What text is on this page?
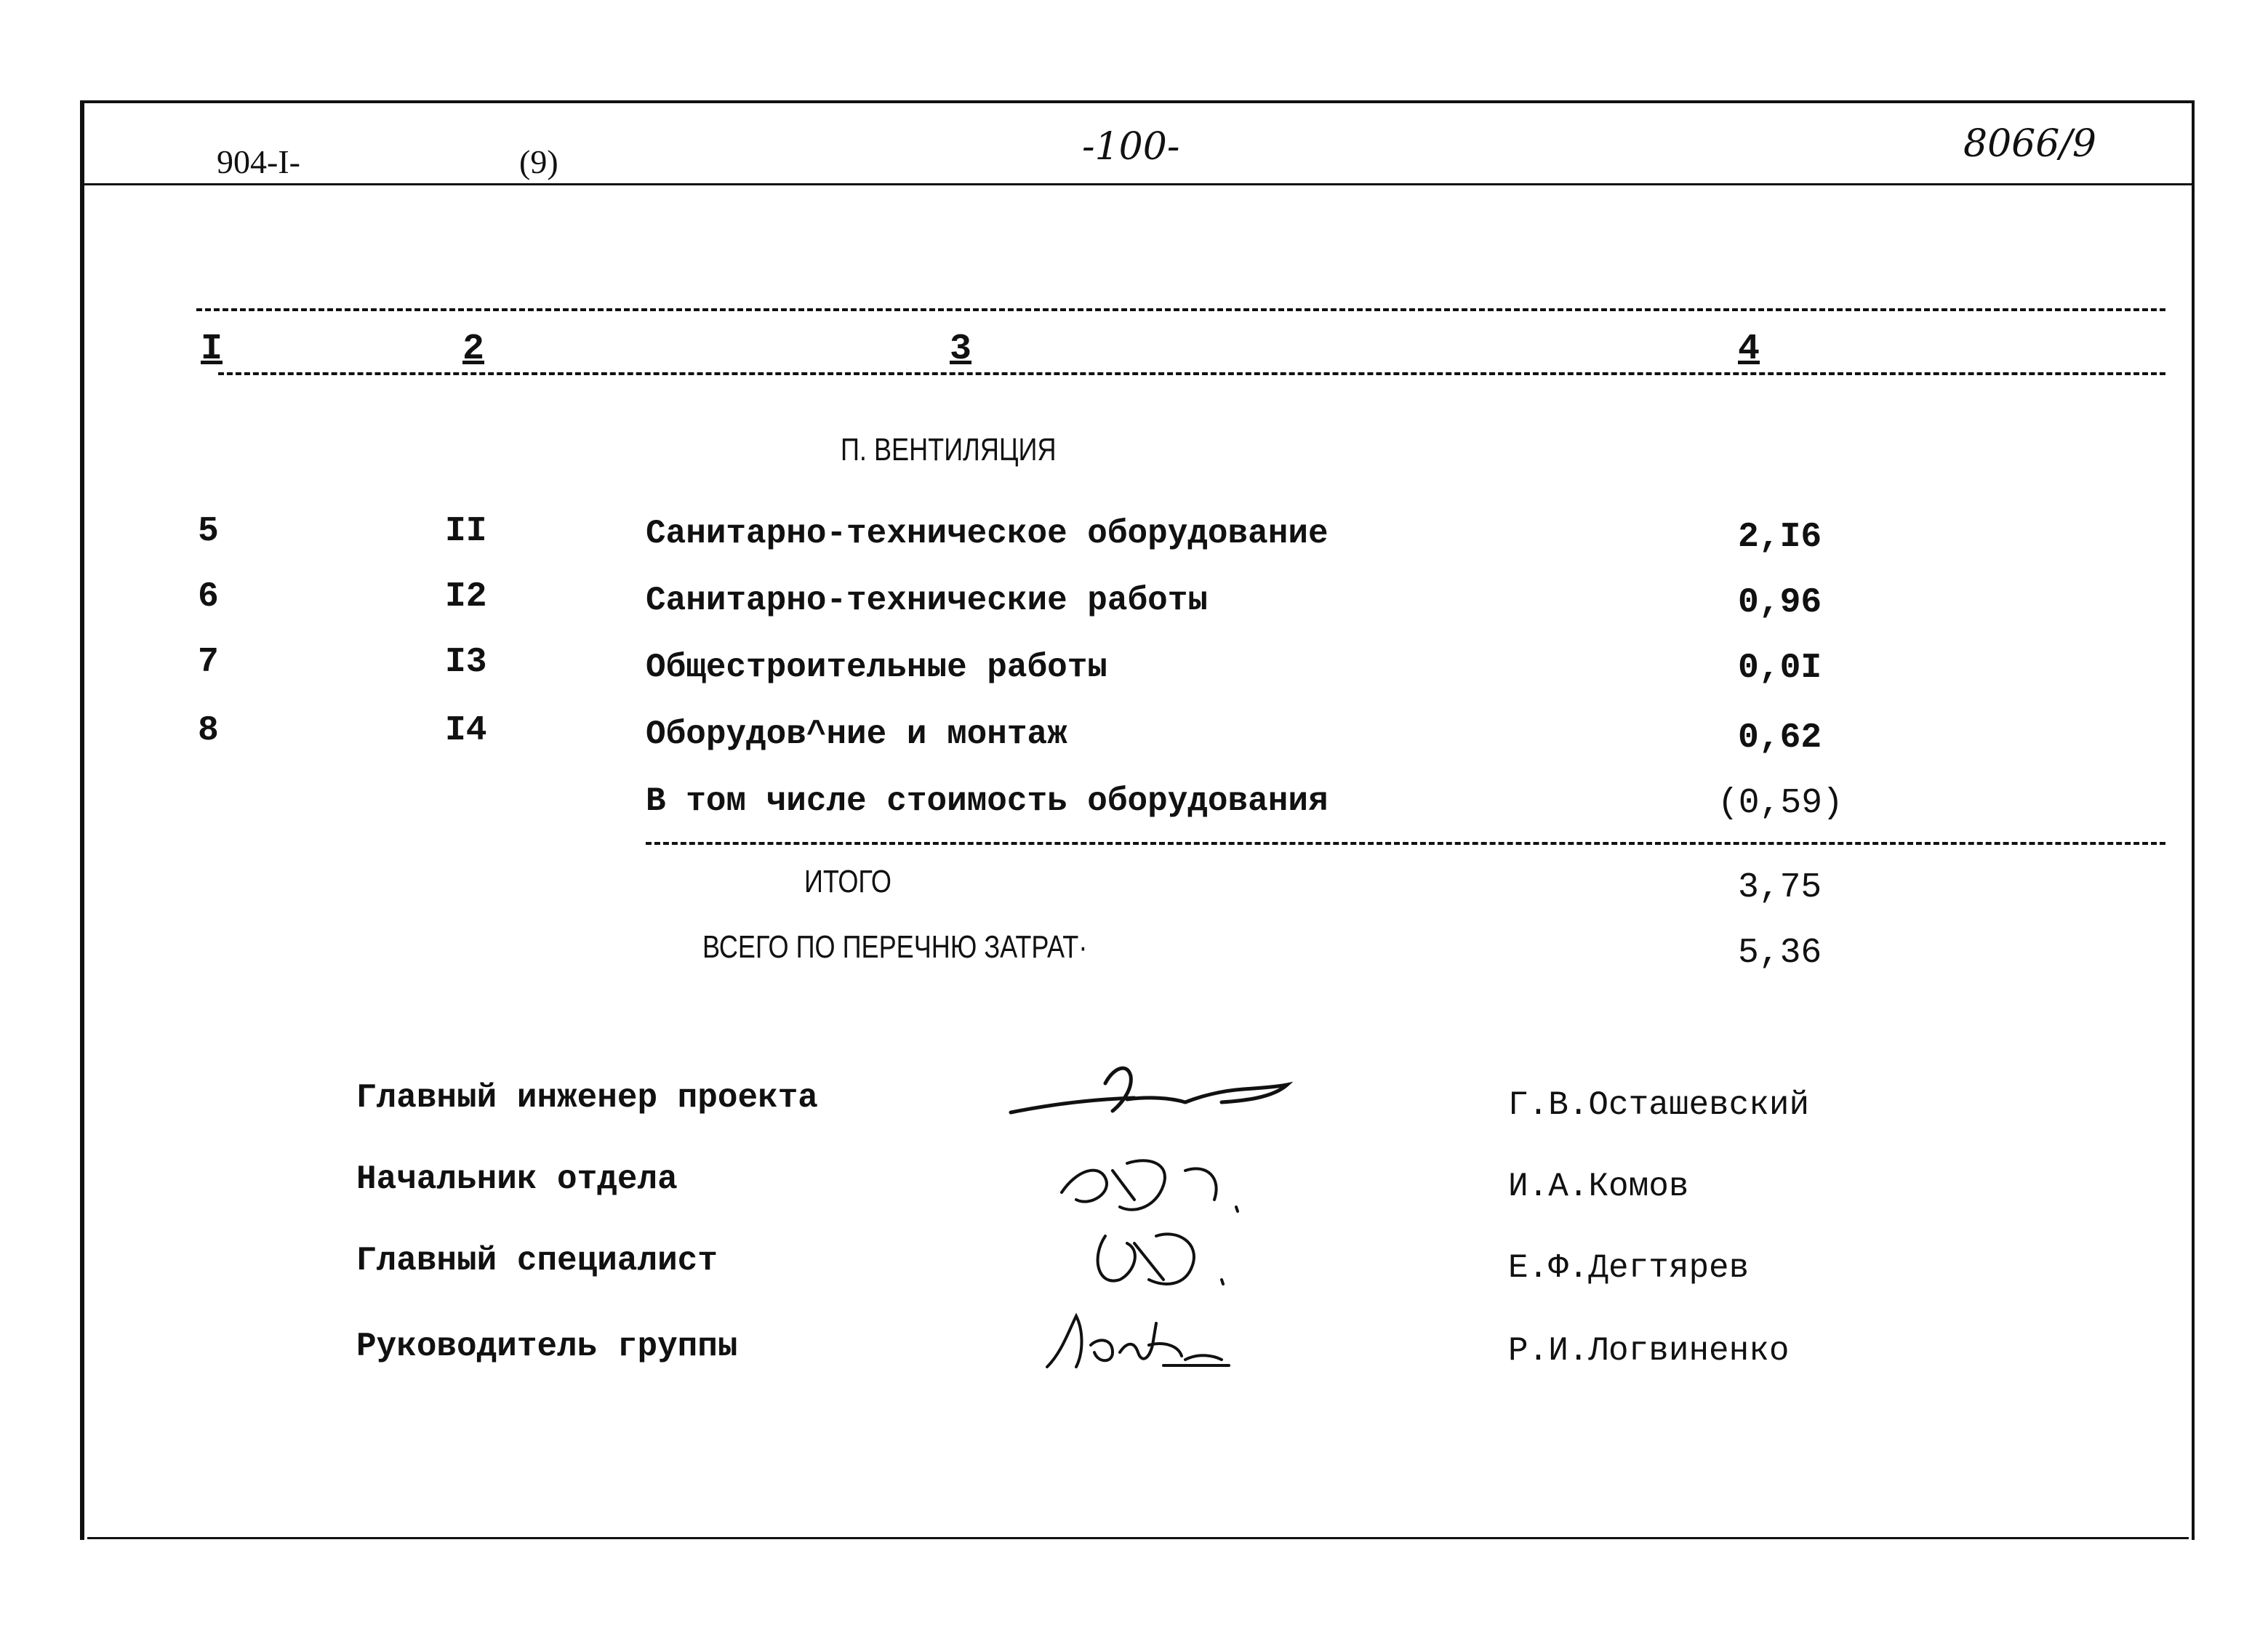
904-I-	(9)	-100-	8066/9
I	2	3	4
П. ВЕНТИЛЯЦИЯ
5	II	Санитарно-техническое оборудование	2,I6
6	I2	Санитарно-технические работы	0,96
7	I3	Общестроительные работы	0,0I
8	I4	Оборудов^ние и монтаж	0,62
В том числе стоимость оборудования	(0,59)
ИТОГО	3,75
ВСЕГО ПО ПЕРЕЧНЮ ЗАТРАТ·	5,36
Главный инженер проекта	Г.В.Осташевский
Начальник отдела	И.А.Комов
Главный специалист	Е.Ф.Дегтярев
Руководитель группы	Р.И.Логвиненко
